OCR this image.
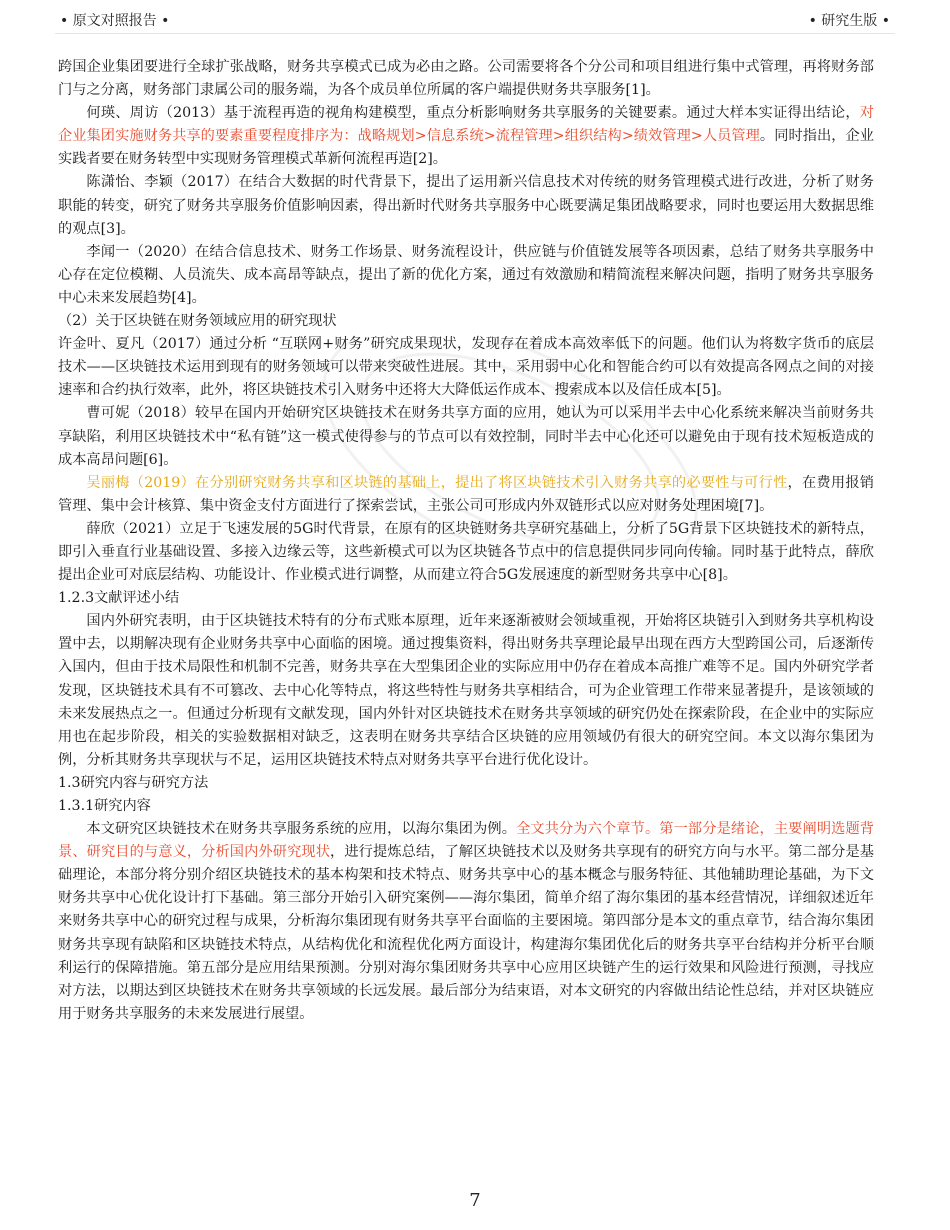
• 原文对照报告 •	• 研究生版 •

跨国企业集团要进行全球扩张战略，财务共享模式已成为必由之路。公司需要将各个分公司和项目组进行集中式管理，再将财务部门与之分离，财务部门隶属公司的服务端，为各个成员单位所属的客户端提供财务共享服务[1]。

何瑛、周访（2013）基于流程再造的视角构建模型，重点分析影响财务共享服务的关键要素。通过大样本实证得出结论，对企业集团实施财务共享的要素重要程度排序为：战略规划>信息系统>流程管理>组织结构>绩效管理>人员管理。同时指出，企业实践者要在财务转型中实现财务管理模式革新何流程再造[2]。

陈潇怡、李颖（2017）在结合大数据的时代背景下，提出了运用新兴信息技术对传统的财务管理模式进行改进，分析了财务职能的转变，研究了财务共享服务价值影响因素，得出新时代财务共享服务中心既要满足集团战略要求，同时也要运用大数据思维的观点[3]。

李闻一（2020）在结合信息技术、财务工作场景、财务流程设计，供应链与价值链发展等各项因素，总结了财务共享服务中心存在定位模糊、人员流失、成本高昂等缺点，提出了新的优化方案，通过有效激励和精简流程来解决问题，指明了财务共享服务中心未来发展趋势[4]。

（2）关于区块链在财务领域应用的研究现状

许金叶、夏凡（2017）通过分析 “互联网+财务”研究成果现状，发现存在着成本高效率低下的问题。他们认为将数字货币的底层技术——区块链技术运用到现有的财务领域可以带来突破性进展。其中，采用弱中心化和智能合约可以有效提高各网点之间的对接速率和合约执行效率，此外，将区块链技术引入财务中还将大大降低运作成本、搜索成本以及信任成本[5]。

曹可妮（2018）较早在国内开始研究区块链技术在财务共享方面的应用，她认为可以采用半去中心化系统来解决当前财务共享缺陷，利用区块链技术中“私有链”这一模式使得参与的节点可以有效控制，同时半去中心化还可以避免由于现有技术短板造成的成本高昂问题[6]。

吴丽梅（2019）在分别研究财务共享和区块链的基础上，提出了将区块链技术引入财务共享的必要性与可行性，在费用报销管理、集中会计核算、集中资金支付方面进行了探索尝试，主张公司可形成内外双链形式以应对财务处理困境[7]。

薛欣（2021）立足于飞速发展的5G时代背景，在原有的区块链财务共享研究基础上，分析了5G背景下区块链技术的新特点，即引入垂直行业基础设置、多接入边缘云等，这些新模式可以为区块链各节点中的信息提供同步同向传输。同时基于此特点，薛欣提出企业可对底层结构、功能设计、作业模式进行调整，从而建立符合5G发展速度的新型财务共享中心[8]。

1.2.3文献评述小结

国内外研究表明，由于区块链技术特有的分布式账本原理，近年来逐渐被财会领域重视，开始将区块链引入到财务共享机构设置中去，以期解决现有企业财务共享中心面临的困境。通过搜集资料，得出财务共享理论最早出现在西方大型跨国公司，后逐渐传入国内，但由于技术局限性和机制不完善，财务共享在大型集团企业的实际应用中仍存在着成本高推广难等不足。国内外研究学者发现，区块链技术具有不可篡改、去中心化等特点，将这些特性与财务共享相结合，可为企业管理工作带来显著提升，是该领域的未来发展热点之一。但通过分析现有文献发现，国内外针对区块链技术在财务共享领域的研究仍处在探索阶段，在企业中的实际应用也在起步阶段，相关的实验数据相对缺乏，这表明在财务共享结合区块链的应用领域仍有很大的研究空间。本文以海尔集团为例，分析其财务共享现状与不足，运用区块链技术特点对财务共享平台进行优化设计。

1.3研究内容与研究方法

1.3.1研究内容

本文研究区块链技术在财务共享服务系统的应用，以海尔集团为例。全文共分为六个章节。第一部分是绪论，主要阐明选题背景、研究目的与意义，分析国内外研究现状，进行提炼总结，了解区块链技术以及财务共享现有的研究方向与水平。第二部分是基础理论，本部分将分别介绍区块链技术的基本构架和技术特点、财务共享中心的基本概念与服务特征、其他辅助理论基础，为下文财务共享中心优化设计打下基础。第三部分开始引入研究案例——海尔集团，简单介绍了海尔集团的基本经营情况，详细叙述近年来财务共享中心的研究过程与成果，分析海尔集团现有财务共享平台面临的主要困境。第四部分是本文的重点章节，结合海尔集团财务共享现有缺陷和区块链技术特点，从结构优化和流程优化两方面设计，构建海尔集团优化后的财务共享平台结构并分析平台顺利运行的保障措施。第五部分是应用结果预测。分别对海尔集团财务共享中心应用区块链产生的运行效果和风险进行预测，寻找应对方法，以期达到区块链技术在财务共享领域的长远发展。最后部分为结束语，对本文研究的内容做出结论性总结，并对区块链应用于财务共享服务的未来发展进行展望。

7
